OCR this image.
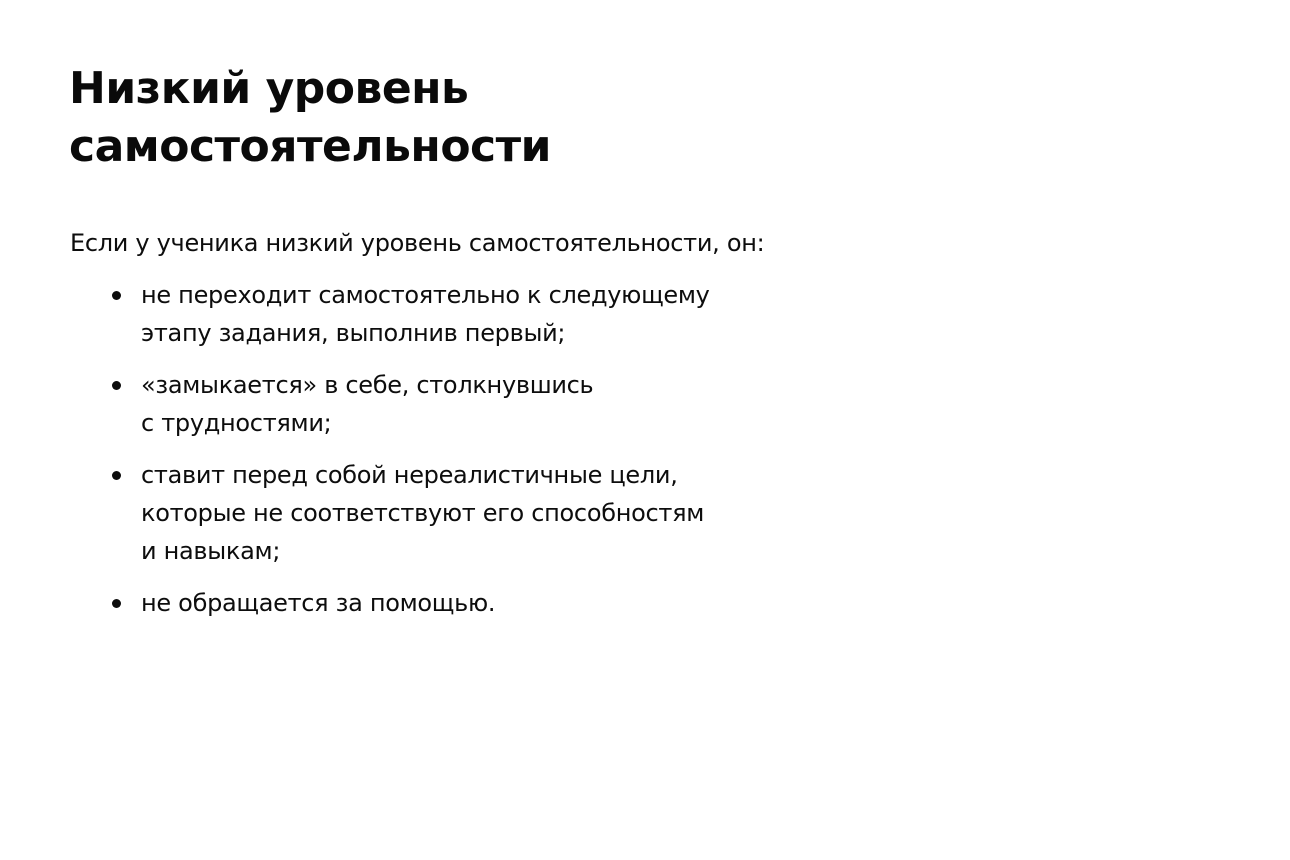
Низкий уровень
самостоятельности

Если у ученика низкий уровень самостоятельности, он:

не переходит самостоятельно к следующему
этапу задания, выполнив первый;
«замыкается» в себе, столкнувшись
с трудностями;
ставит перед собой нереалистичные цели,
которые не соответствуют его способностям
и навыкам;
не обращается за помощью.
